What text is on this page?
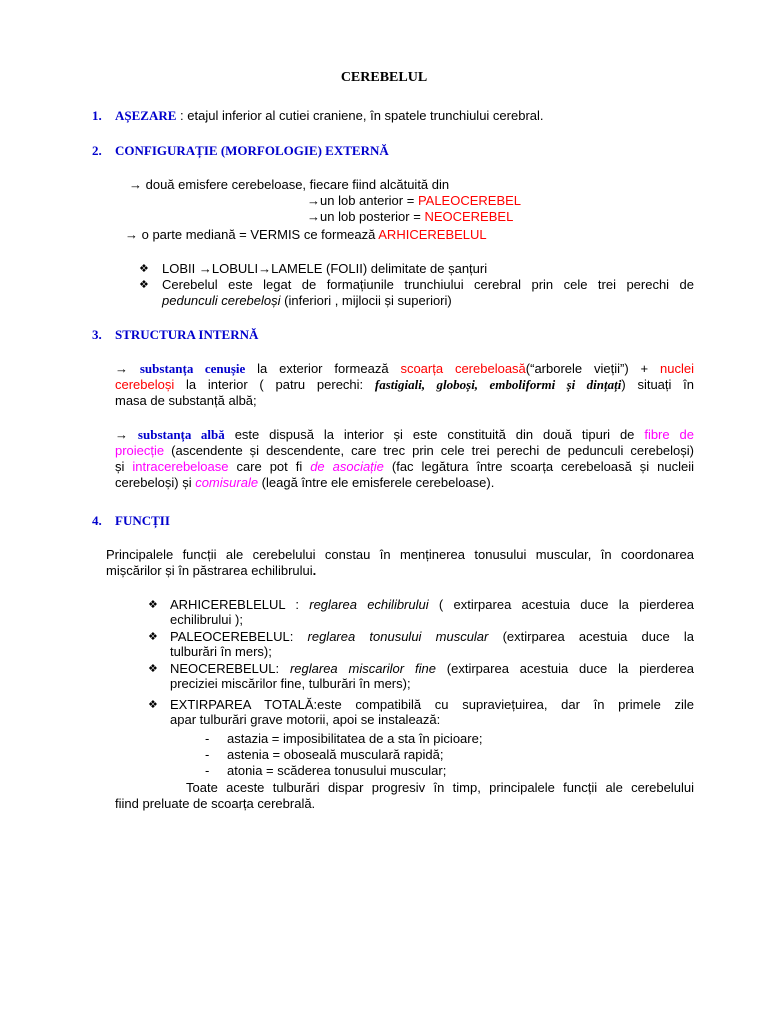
CEREBELUL
1. AȘEZARE : etajul inferior al cutiei craniene, în spatele trunchiului cerebral.
2. CONFIGURAȚIE (MORFOLOGIE) EXTERNĂ
→ două emisfere cerebeloase, fiecare fiind alcătuită din
→un lob anterior = PALEOCEREBEL
→un lob posterior = NEOCEREBEL
→ o parte mediană = VERMIS ce formează ARHICEREBELUL
❖ LOBII →LOBULI→LAMELE (FOLII) delimitate de șanțuri
❖ Cerebelul este legat de formațiunile trunchiului cerebral prin cele trei perechi de
pedunculi cerebeloși (inferiori , mijlocii și superiori)
3. STRUCTURA INTERNĂ
→ substanța cenușie la exterior formează scoarța cerebeloasă(“arborele vieții”) + nuclei
cerebeloși la interior ( patru perechi: fastigiali, globoși, emboliformi și dințați) situați în
masa de substanță albă;
→ substanța albă este dispusă la interior și este constituită din două tipuri de fibre de
proiecție (ascendente și descendente, care trec prin cele trei perechi de pedunculi cerebeloși)
și intracerebeloase care pot fi de asociație (fac legătura între scoarța cerebeloasă și nucleii
cerebeloși) și comisurale (leagă între ele emisferele cerebeloase).
4. FUNCȚII
Principalele funcții ale cerebelului constau în menținerea tonusului muscular, în coordonarea
mișcărilor și în păstrarea echilibrului.
❖ ARHICEREBLELUL : reglarea echilibrului ( extirparea acestuia duce la pierderea
echilibrului );
❖ PALEOCEREBELUL: reglarea tonusului muscular (extirparea acestuia duce la
tulburări în mers);
❖ NEOCEREBELUL: reglarea miscarilor fine (extirparea acestuia duce la pierderea
preciziei miscărilor fine, tulburări în mers);
❖ EXTIRPAREA TOTALĂ:este compatibilă cu supraviețuirea, dar în primele zile
apar tulburări grave motorii, apoi se instalează:
- astazia = imposibilitatea de a sta în picioare;
- astenia = oboseală musculară rapidă;
- atonia = scăderea tonusului muscular;
Toate aceste tulburări dispar progresiv în timp, principalele funcții ale cerebelului
fiind preluate de scoarța cerebrală.
